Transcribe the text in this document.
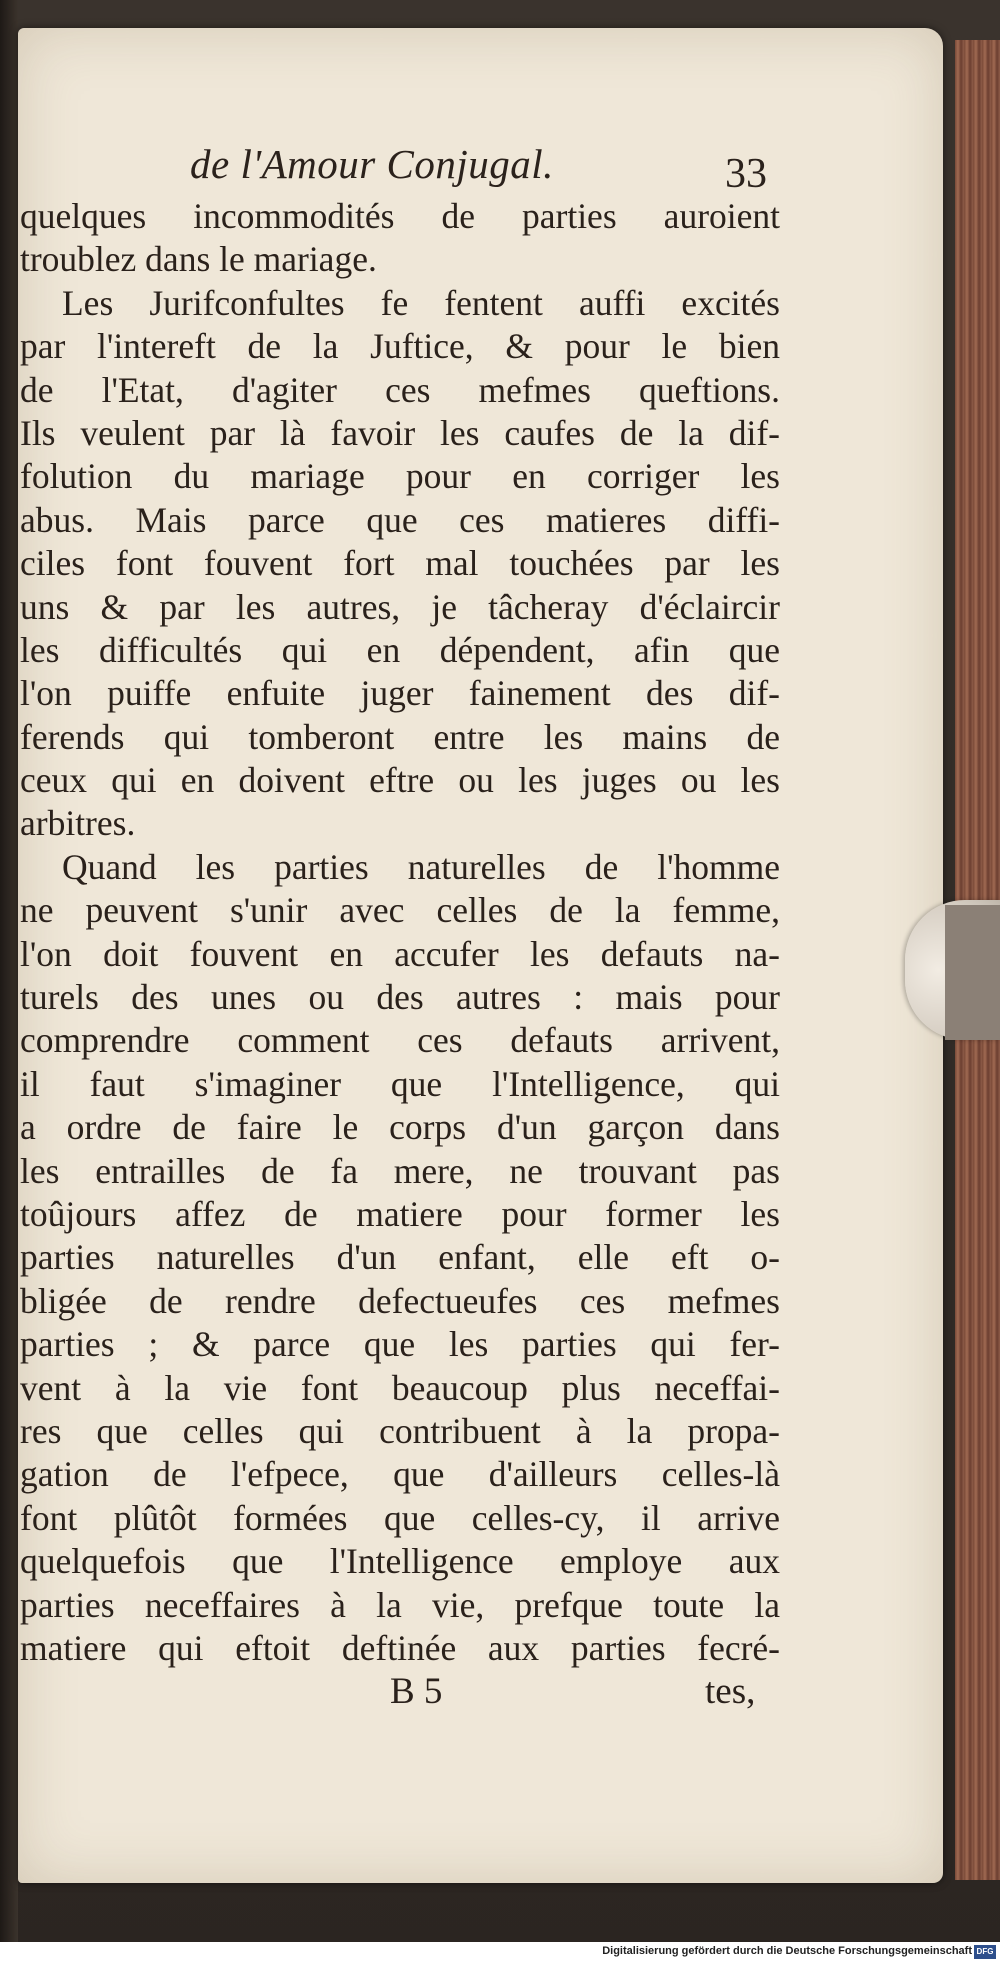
de l'Amour Conjugal.	33
quelques incommodités de parties auroient
troublez dans le mariage.
Les Jurifconfultes fe fentent auffi excités
par l'intereft de la Juftice, & pour le bien
de l'Etat, d'agiter ces mefmes queftions.
Ils veulent par là favoir les caufes de la dif-
folution du mariage pour en corriger les
abus. Mais parce que ces matieres diffi-
ciles font fouvent fort mal touchées par les
uns & par les autres, je tâcheray d'éclaircir
les difficultés qui en dépendent, afin que
l'on puiffe enfuite juger fainement des dif-
ferends qui tomberont entre les mains de
ceux qui en doivent eftre ou les juges ou les
arbitres.
Quand les parties naturelles de l'homme
ne peuvent s'unir avec celles de la femme,
l'on doit fouvent en accufer les defauts na-
turels des unes ou des autres : mais pour
comprendre comment ces defauts arrivent,
il faut s'imaginer que l'Intelligence, qui
a ordre de faire le corps d'un garçon dans
les entrailles de fa mere, ne trouvant pas
toûjours affez de matiere pour former les
parties naturelles d'un enfant, elle eft o-
bligée de rendre defectueufes ces mefmes
parties ; & parce que les parties qui fer-
vent à la vie font beaucoup plus neceffai-
res que celles qui contribuent à la propa-
gation de l'efpece, que d'ailleurs celles-là
font plûtôt formées que celles-cy, il arrive
quelquefois que l'Intelligence employe aux
parties neceffaires à la vie, prefque toute la
matiere qui eftoit deftinée aux parties fecré-
B 5	tes,
Digitalisierung gefördert durch die Deutsche Forschungsgemeinschaft DFG
